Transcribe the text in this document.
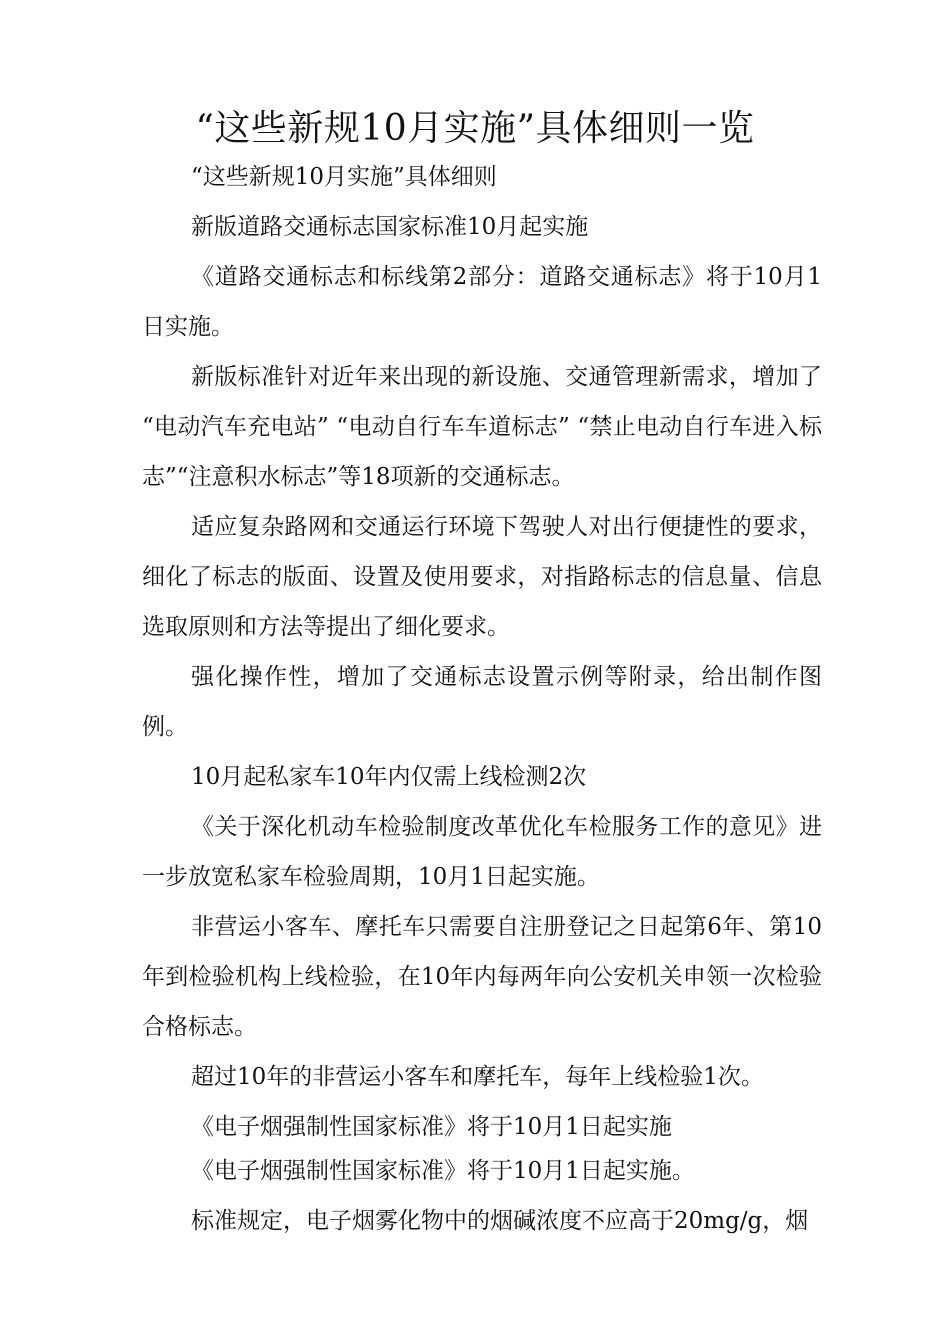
“这些新规10月实施”具体细则一览

“这些新规10月实施”具体细则

新版道路交通标志国家标准10月起实施

《道路交通标志和标线第2部分：道路交通标志》将于10月1日实施。

新版标准针对近年来出现的新设施、交通管理新需求，增加了 “电动汽车充电站” “电动自行车车道标志” “禁止电动自行车进入标志”“注意积水标志”等18项新的交通标志。

适应复杂路网和交通运行环境下驾驶人对出行便捷性的要求，细化了标志的版面、设置及使用要求，对指路标志的信息量、信息选取原则和方法等提出了细化要求。

强化操作性，增加了交通标志设置示例等附录，给出制作图例。

10月起私家车10年内仅需上线检测2次

《关于深化机动车检验制度改革优化车检服务工作的意见》进一步放宽私家车检验周期，10月1日起实施。

非营运小客车、摩托车只需要自注册登记之日起第6年、第10年到检验机构上线检验，在10年内每两年向公安机关申领一次检验合格标志。

超过10年的非营运小客车和摩托车，每年上线检验1次。

《电子烟强制性国家标准》将于10月1日起实施

《电子烟强制性国家标准》将于10月1日起实施。

标准规定，电子烟雾化物中的烟碱浓度不应高于20mg/g，烟
